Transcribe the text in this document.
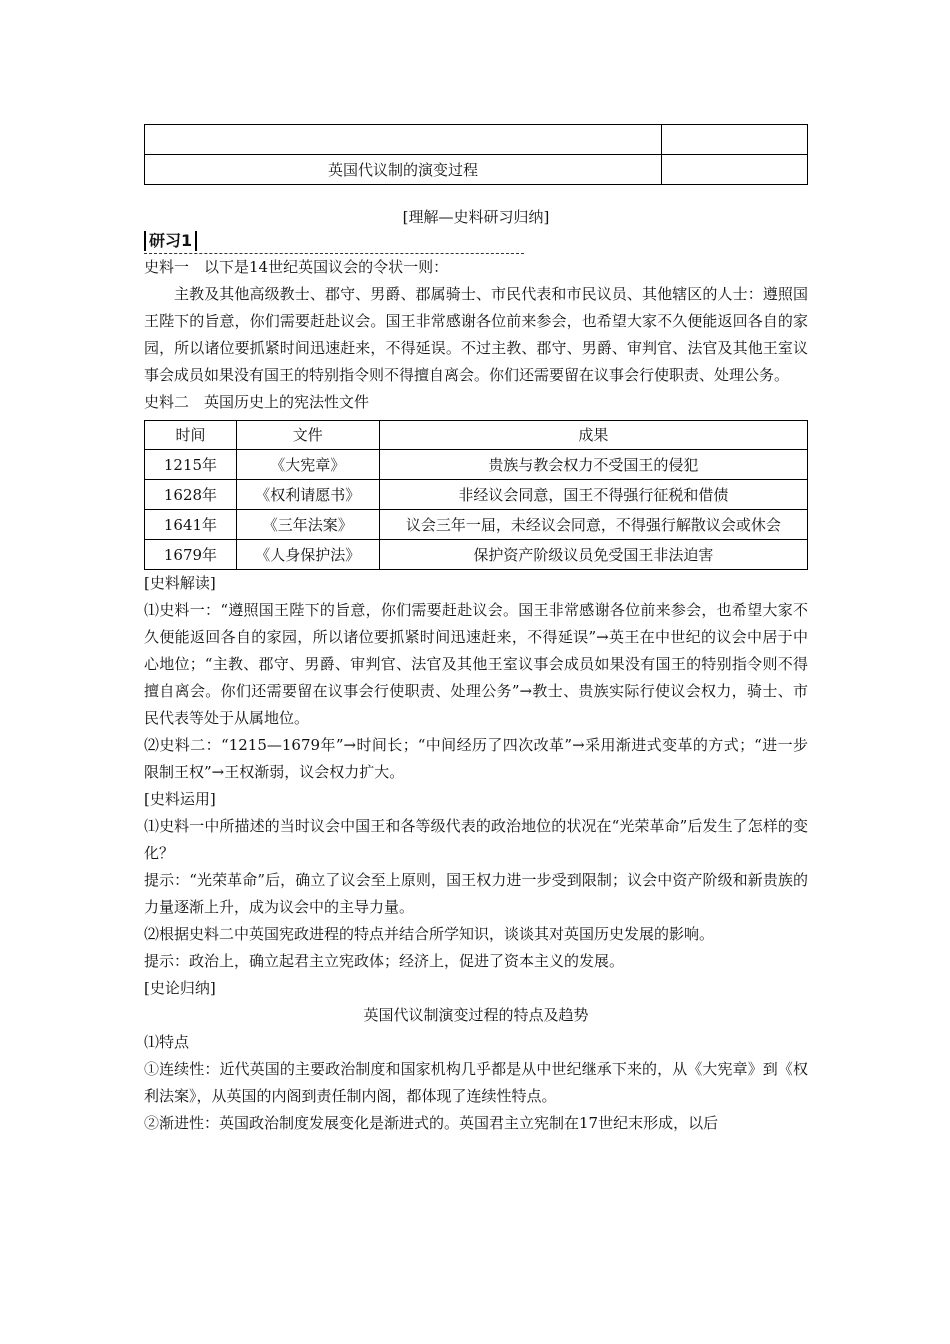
英国代议制的演变过程	
[理解—史料研习归纳]
研习1

史料一　以下是14世纪英国议会的令状一则：

主教及其他高级教士、郡守、男爵、郡属骑士、市民代表和市民议员、其他辖区的人士：遵照国王陛下的旨意，你们需要赶赴议会。国王非常感谢各位前来参会，也希望大家不久便能返回各自的家园，所以诸位要抓紧时间迅速赶来，不得延误。不过主教、郡守、男爵、审判官、法官及其他王室议事会成员如果没有国王的特别指令则不得擅自离会。你们还需要留在议事会行使职责、处理公务。

史料二　英国历史上的宪法性文件

时间	文件	成果
1215年	《大宪章》	贵族与教会权力不受国王的侵犯
1628年	《权利请愿书》	非经议会同意，国王不得强行征税和借债
1641年	《三年法案》	议会三年一届，未经议会同意，不得强行解散议会或休会
1679年	《人身保护法》	保护资产阶级议员免受国王非法迫害

[史料解读]

⑴史料一：“遵照国王陛下的旨意，你们需要赶赴议会。国王非常感谢各位前来参会，也希望大家不久便能返回各自的家园，所以诸位要抓紧时间迅速赶来，不得延误”→英王在中世纪的议会中居于中心地位；“主教、郡守、男爵、审判官、法官及其他王室议事会成员如果没有国王的特别指令则不得擅自离会。你们还需要留在议事会行使职责、处理公务”→教士、贵族实际行使议会权力，骑士、市民代表等处于从属地位。

⑵史料二：“1215—1679年”→时间长；“中间经历了四次改革”→采用渐进式变革的方式；“进一步限制王权”→王权渐弱，议会权力扩大。

[史料运用]

⑴史料一中所描述的当时议会中国王和各等级代表的政治地位的状况在“光荣革命”后发生了怎样的变化？

提示：“光荣革命”后，确立了议会至上原则，国王权力进一步受到限制；议会中资产阶级和新贵族的力量逐渐上升，成为议会中的主导力量。

⑵根据史料二中英国宪政进程的特点并结合所学知识，谈谈其对英国历史发展的影响。

提示：政治上，确立起君主立宪政体；经济上，促进了资本主义的发展。

[史论归纳]

英国代议制演变过程的特点及趋势

⑴特点

①连续性：近代英国的主要政治制度和国家机构几乎都是从中世纪继承下来的，从《大宪章》到《权利法案》，从英国的内阁到责任制内阁，都体现了连续性特点。

②渐进性：英国政治制度发展变化是渐进式的。英国君主立宪制在17世纪末形成，以后
